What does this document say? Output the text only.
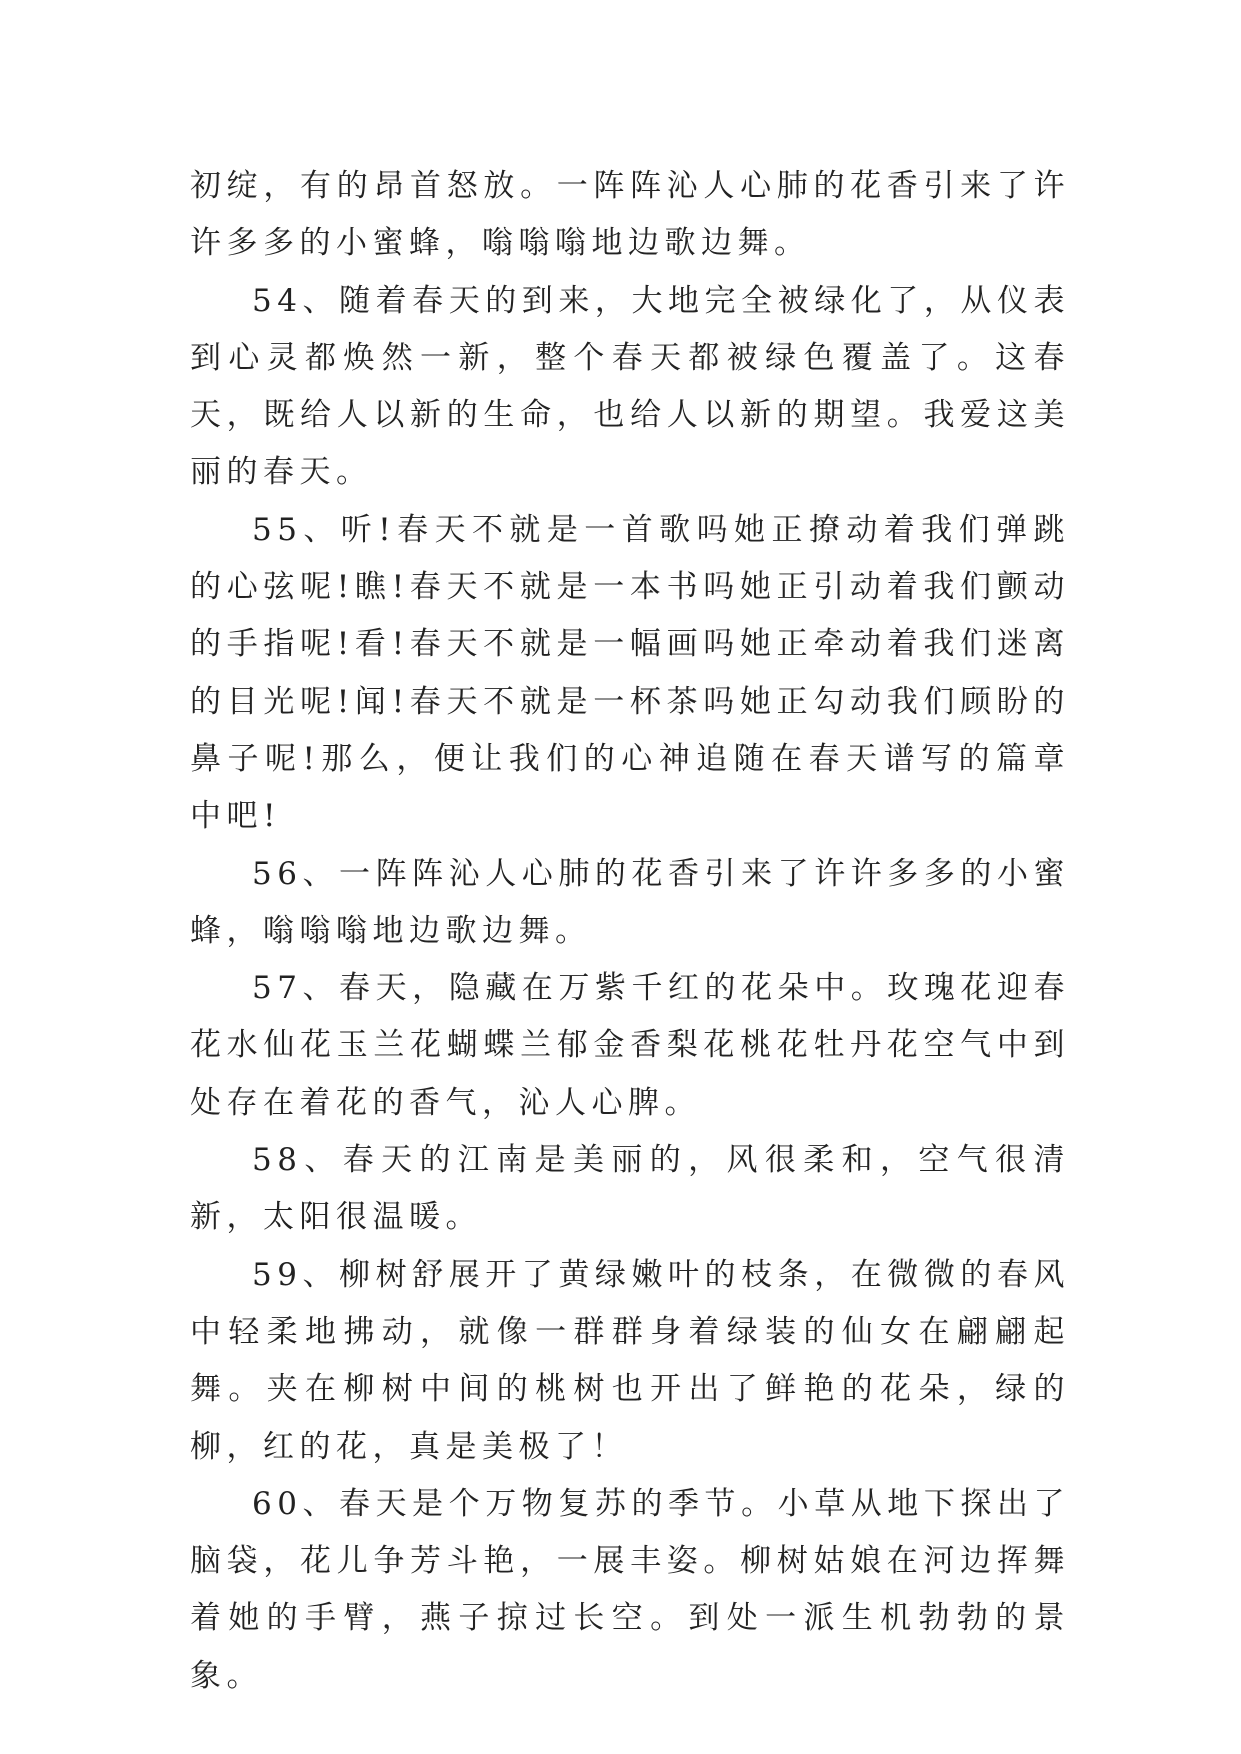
初绽，有的昂首怒放。一阵阵沁人心肺的花香引来了许许多多的小蜜蜂，嗡嗡嗡地边歌边舞。

54、随着春天的到来，大地完全被绿化了，从仪表到心灵都焕然一新，整个春天都被绿色覆盖了。这春天，既给人以新的生命，也给人以新的期望。我爱这美丽的春天。

55、听!春天不就是一首歌吗她正撩动着我们弹跳的心弦呢!瞧!春天不就是一本书吗她正引动着我们颤动的手指呢!看!春天不就是一幅画吗她正牵动着我们迷离的目光呢!闻!春天不就是一杯茶吗她正勾动我们顾盼的鼻子呢!那么，便让我们的心神追随在春天谱写的篇章中吧!

56、一阵阵沁人心肺的花香引来了许许多多的小蜜蜂，嗡嗡嗡地边歌边舞。

57、春天，隐藏在万紫千红的花朵中。玫瑰花迎春花水仙花玉兰花蝴蝶兰郁金香梨花桃花牡丹花空气中到处存在着花的香气，沁人心脾。

58、春天的江南是美丽的，风很柔和，空气很清新，太阳很温暖。

59、柳树舒展开了黄绿嫩叶的枝条，在微微的春风中轻柔地拂动，就像一群群身着绿装的仙女在翩翩起舞。夹在柳树中间的桃树也开出了鲜艳的花朵，绿的柳，红的花，真是美极了！

60、春天是个万物复苏的季节。小草从地下探出了脑袋，花儿争芳斗艳，一展丰姿。柳树姑娘在河边挥舞着她的手臂，燕子掠过长空。到处一派生机勃勃的景象。
